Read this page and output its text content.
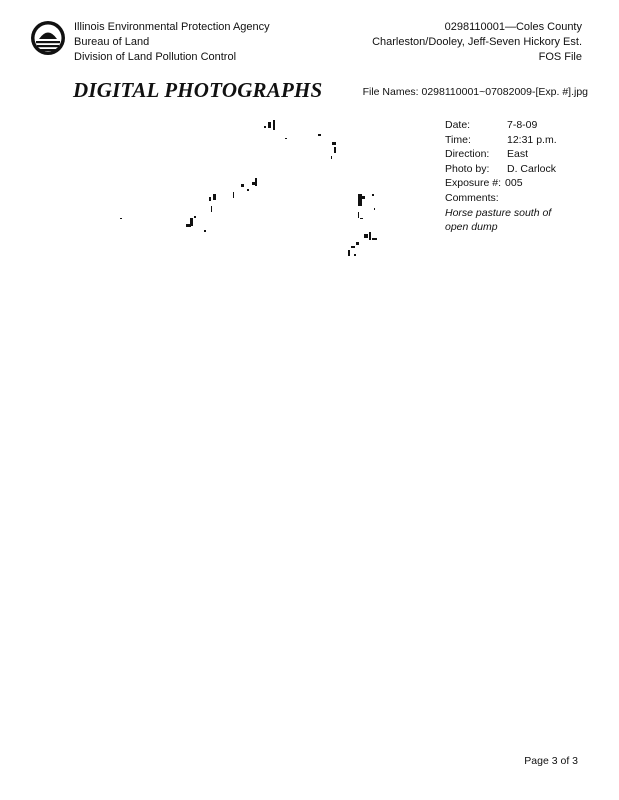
Illinois Environmental Protection Agency
Bureau of Land
Division of Land Pollution Control
0298110001—Coles County
Charleston/Dooley, Jeff-Seven Hickory Est.
FOS File
DIGITAL PHOTOGRAPHS	File Names: 0298110001~07082009-[Exp. #].jpg
Date:	7-8-09
Time:	12:31 p.m.
Direction:	East
Photo by:	D. Carlock
Exposure #: 005
Comments:
Horse pasture south of open dump
Page 3 of 3
